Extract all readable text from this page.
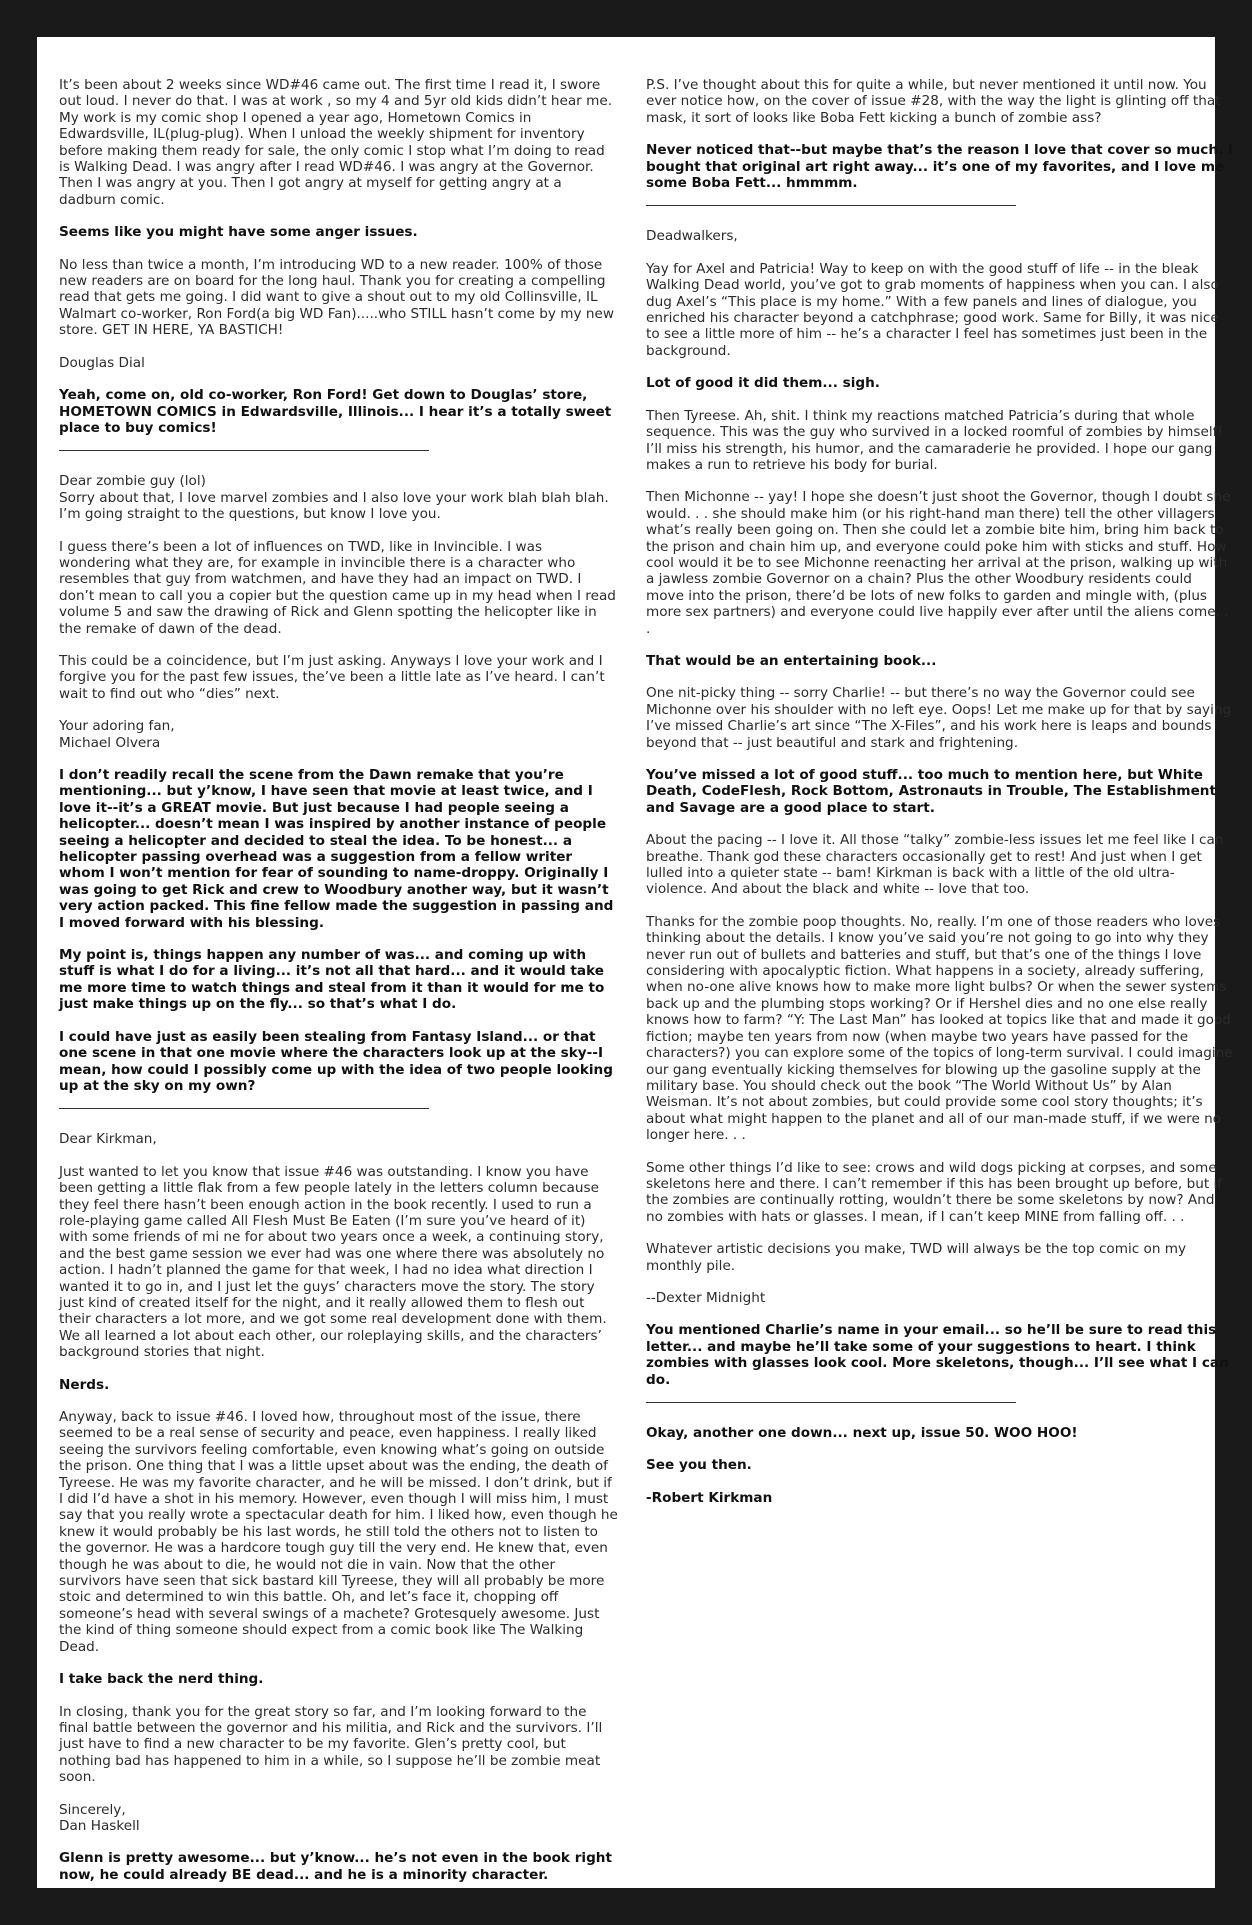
It’s been about 2 weeks since WD#46 came out. The first time I read it, I swore out loud. I never do that. I was at work , so my 4 and 5yr old kids didn’t hear me. My work is my comic shop I opened a year ago, Hometown Comics in Edwardsville, IL(plug-plug). When I unload the weekly shipment for inventory before making them ready for sale, the only comic I stop what I’m doing to read is Walking Dead. I was angry after I read WD#46. I was angry at the Governor. Then I was angry at you. Then I got angry at myself for getting angry at a dadburn comic.

Seems like you might have some anger issues.

No less than twice a month, I’m introducing WD to a new reader. 100% of those new readers are on board for the long haul. Thank you for creating a compelling read that gets me going. I did want to give a shout out to my old Collinsville, IL Walmart co-worker, Ron Ford(a big WD Fan).....who STILL hasn’t come by my new store. GET IN HERE, YA BASTICH!

Douglas Dial

Yeah, come on, old co-worker, Ron Ford! Get down to Douglas’ store, HOMETOWN COMICS in Edwardsville, Illinois... I hear it’s a totally sweet place to buy comics!

Dear zombie guy (lol)
Sorry about that, I love marvel zombies and I also love your work blah blah blah. I’m going straight to the questions, but know I love you.

I guess there’s been a lot of influences on TWD, like in Invincible. I was wondering what they are, for example in invincible there is a character who resembles that guy from watchmen, and have they had an impact on TWD. I don’t mean to call you a copier but the question came up in my head when I read volume 5 and saw the drawing of Rick and Glenn spotting the helicopter like in the remake of dawn of the dead.

This could be a coincidence, but I’m just asking. Anyways I love your work and I forgive you for the past few issues, the’ve been a little late as I’ve heard. I can’t wait to find out who “dies” next.

Your adoring fan,
Michael Olvera

I don’t readily recall the scene from the Dawn remake that you’re mentioning... but y’know, I have seen that movie at least twice, and I love it--it’s a GREAT movie. But just because I had people seeing a helicopter... doesn’t mean I was inspired by another instance of people seeing a helicopter and decided to steal the idea. To be honest... a helicopter passing overhead was a suggestion from a fellow writer whom I won’t mention for fear of sounding to name-droppy. Originally I was going to get Rick and crew to Woodbury another way, but it wasn’t very action packed. This fine fellow made the suggestion in passing and I moved forward with his blessing.

My point is, things happen any number of was... and coming up with stuff is what I do for a living... it’s not all that hard... and it would take me more time to watch things and steal from it than it would for me to just make things up on the fly... so that’s what I do.

I could have just as easily been stealing from Fantasy Island... or that one scene in that one movie where the characters look up at the sky--I mean, how could I possibly come up with the idea of two people looking up at the sky on my own?

Dear Kirkman,

Just wanted to let you know that issue #46 was outstanding. I know you have been getting a little flak from a few people lately in the letters column because they feel there hasn’t been enough action in the book recently. I used to run a role-playing game called All Flesh Must Be Eaten (I’m sure you’ve heard of it) with some friends of mi ne for about two years once a week, a continuing story, and the best game session we ever had was one where there was absolutely no action. I hadn’t planned the game for that week, I had no idea what direction I wanted it to go in, and I just let the guys’ characters move the story. The story just kind of created itself for the night, and it really allowed them to flesh out their characters a lot more, and we got some real development done with them. We all learned a lot about each other, our roleplaying skills, and the characters’ background stories that night.

Nerds.

Anyway, back to issue #46. I loved how, throughout most of the issue, there seemed to be a real sense of security and peace, even happiness. I really liked seeing the survivors feeling comfortable, even knowing what’s going on outside the prison. One thing that I was a little upset about was the ending, the death of Tyreese. He was my favorite character, and he will be missed. I don’t drink, but if I did I’d have a shot in his memory. However, even though I will miss him, I must say that you really wrote a spectacular death for him. I liked how, even though he knew it would probably be his last words, he still told the others not to listen to the governor. He was a hardcore tough guy till the very end. He knew that, even though he was about to die, he would not die in vain. Now that the other survivors have seen that sick bastard kill Tyreese, they will all probably be more stoic and determined to win this battle. Oh, and let’s face it, chopping off someone’s head with several swings of a machete? Grotesquely awesome. Just the kind of thing someone should expect from a comic book like The Walking Dead.

I take back the nerd thing.

In closing, thank you for the great story so far, and I’m looking forward to the final battle between the governor and his militia, and Rick and the survivors. I’ll just have to find a new character to be my favorite. Glen’s pretty cool, but nothing bad has happened to him in a while, so I suppose he’ll be zombie meat soon.

Sincerely,
Dan Haskell

Glenn is pretty awesome... but y’know... he’s not even in the book right now, he could already BE dead... and he is a minority character.

P.S. I’ve thought about this for quite a while, but never mentioned it until now. You ever notice how, on the cover of issue #28, with the way the light is glinting off that mask, it sort of looks like Boba Fett kicking a bunch of zombie ass?

Never noticed that--but maybe that’s the reason I love that cover so much. I bought that original art right away... it’s one of my favorites, and I love me some Boba Fett... hmmmm.

Deadwalkers,

Yay for Axel and Patricia! Way to keep on with the good stuff of life -- in the bleak Walking Dead world, you’ve got to grab moments of happiness when you can. I also dug Axel’s “This place is my home.” With a few panels and lines of dialogue, you enriched his character beyond a catchphrase; good work. Same for Billy, it was nice to see a little more of him -- he’s a character I feel has sometimes just been in the background.

Lot of good it did them... sigh.

Then Tyreese. Ah, shit. I think my reactions matched Patricia’s during that whole sequence. This was the guy who survived in a locked roomful of zombies by himself! I’ll miss his strength, his humor, and the camaraderie he provided. I hope our gang makes a run to retrieve his body for burial.

Then Michonne -- yay! I hope she doesn’t just shoot the Governor, though I doubt she would. . . she should make him (or his right-hand man there) tell the other villagers what’s really been going on. Then she could let a zombie bite him, bring him back to the prison and chain him up, and everyone could poke him with sticks and stuff. How cool would it be to see Michonne reenacting her arrival at the prison, walking up with a jawless zombie Governor on a chain? Plus the other Woodbury residents could move into the prison, there’d be lots of new folks to garden and mingle with, (plus more sex partners) and everyone could live happily ever after until the aliens come. . .

That would be an entertaining book...

One nit-picky thing -- sorry Charlie! -- but there’s no way the Governor could see Michonne over his shoulder with no left eye. Oops! Let me make up for that by saying I’ve missed Charlie’s art since “The X-Files”, and his work here is leaps and bounds beyond that -- just beautiful and stark and frightening.

You’ve missed a lot of good stuff... too much to mention here, but White Death, CodeFlesh, Rock Bottom, Astronauts in Trouble, The Establishment and Savage are a good place to start.

About the pacing -- I love it. All those “talky” zombie-less issues let me feel like I can breathe. Thank god these characters occasionally get to rest! And just when I get lulled into a quieter state -- bam! Kirkman is back with a little of the old ultra-violence. And about the black and white -- love that too.

Thanks for the zombie poop thoughts. No, really. I’m one of those readers who loves thinking about the details. I know you’ve said you’re not going to go into why they never run out of bullets and batteries and stuff, but that’s one of the things I love considering with apocalyptic fiction. What happens in a society, already suffering, when no-one alive knows how to make more light bulbs? Or when the sewer systems back up and the plumbing stops working? Or if Hershel dies and no one else really knows how to farm? “Y: The Last Man” has looked at topics like that and made it good fiction; maybe ten years from now (when maybe two years have passed for the characters?) you can explore some of the topics of long-term survival. I could imagine our gang eventually kicking themselves for blowing up the gasoline supply at the military base. You should check out the book “The World Without Us” by Alan Weisman. It’s not about zombies, but could provide some cool story thoughts; it’s about what might happen to the planet and all of our man-made stuff, if we were no longer here. . .

Some other things I’d like to see: crows and wild dogs picking at corpses, and some skeletons here and there. I can’t remember if this has been brought up before, but if the zombies are continually rotting, wouldn’t there be some skeletons by now? And no zombies with hats or glasses. I mean, if I can’t keep MINE from falling off. . .

Whatever artistic decisions you make, TWD will always be the top comic on my monthly pile.

--Dexter Midnight

You mentioned Charlie’s name in your email... so he’ll be sure to read this letter... and maybe he’ll take some of your suggestions to heart. I think zombies with glasses look cool. More skeletons, though... I’ll see what I can do.

Okay, another one down... next up, issue 50. WOO HOO!

See you then.

-Robert Kirkman
